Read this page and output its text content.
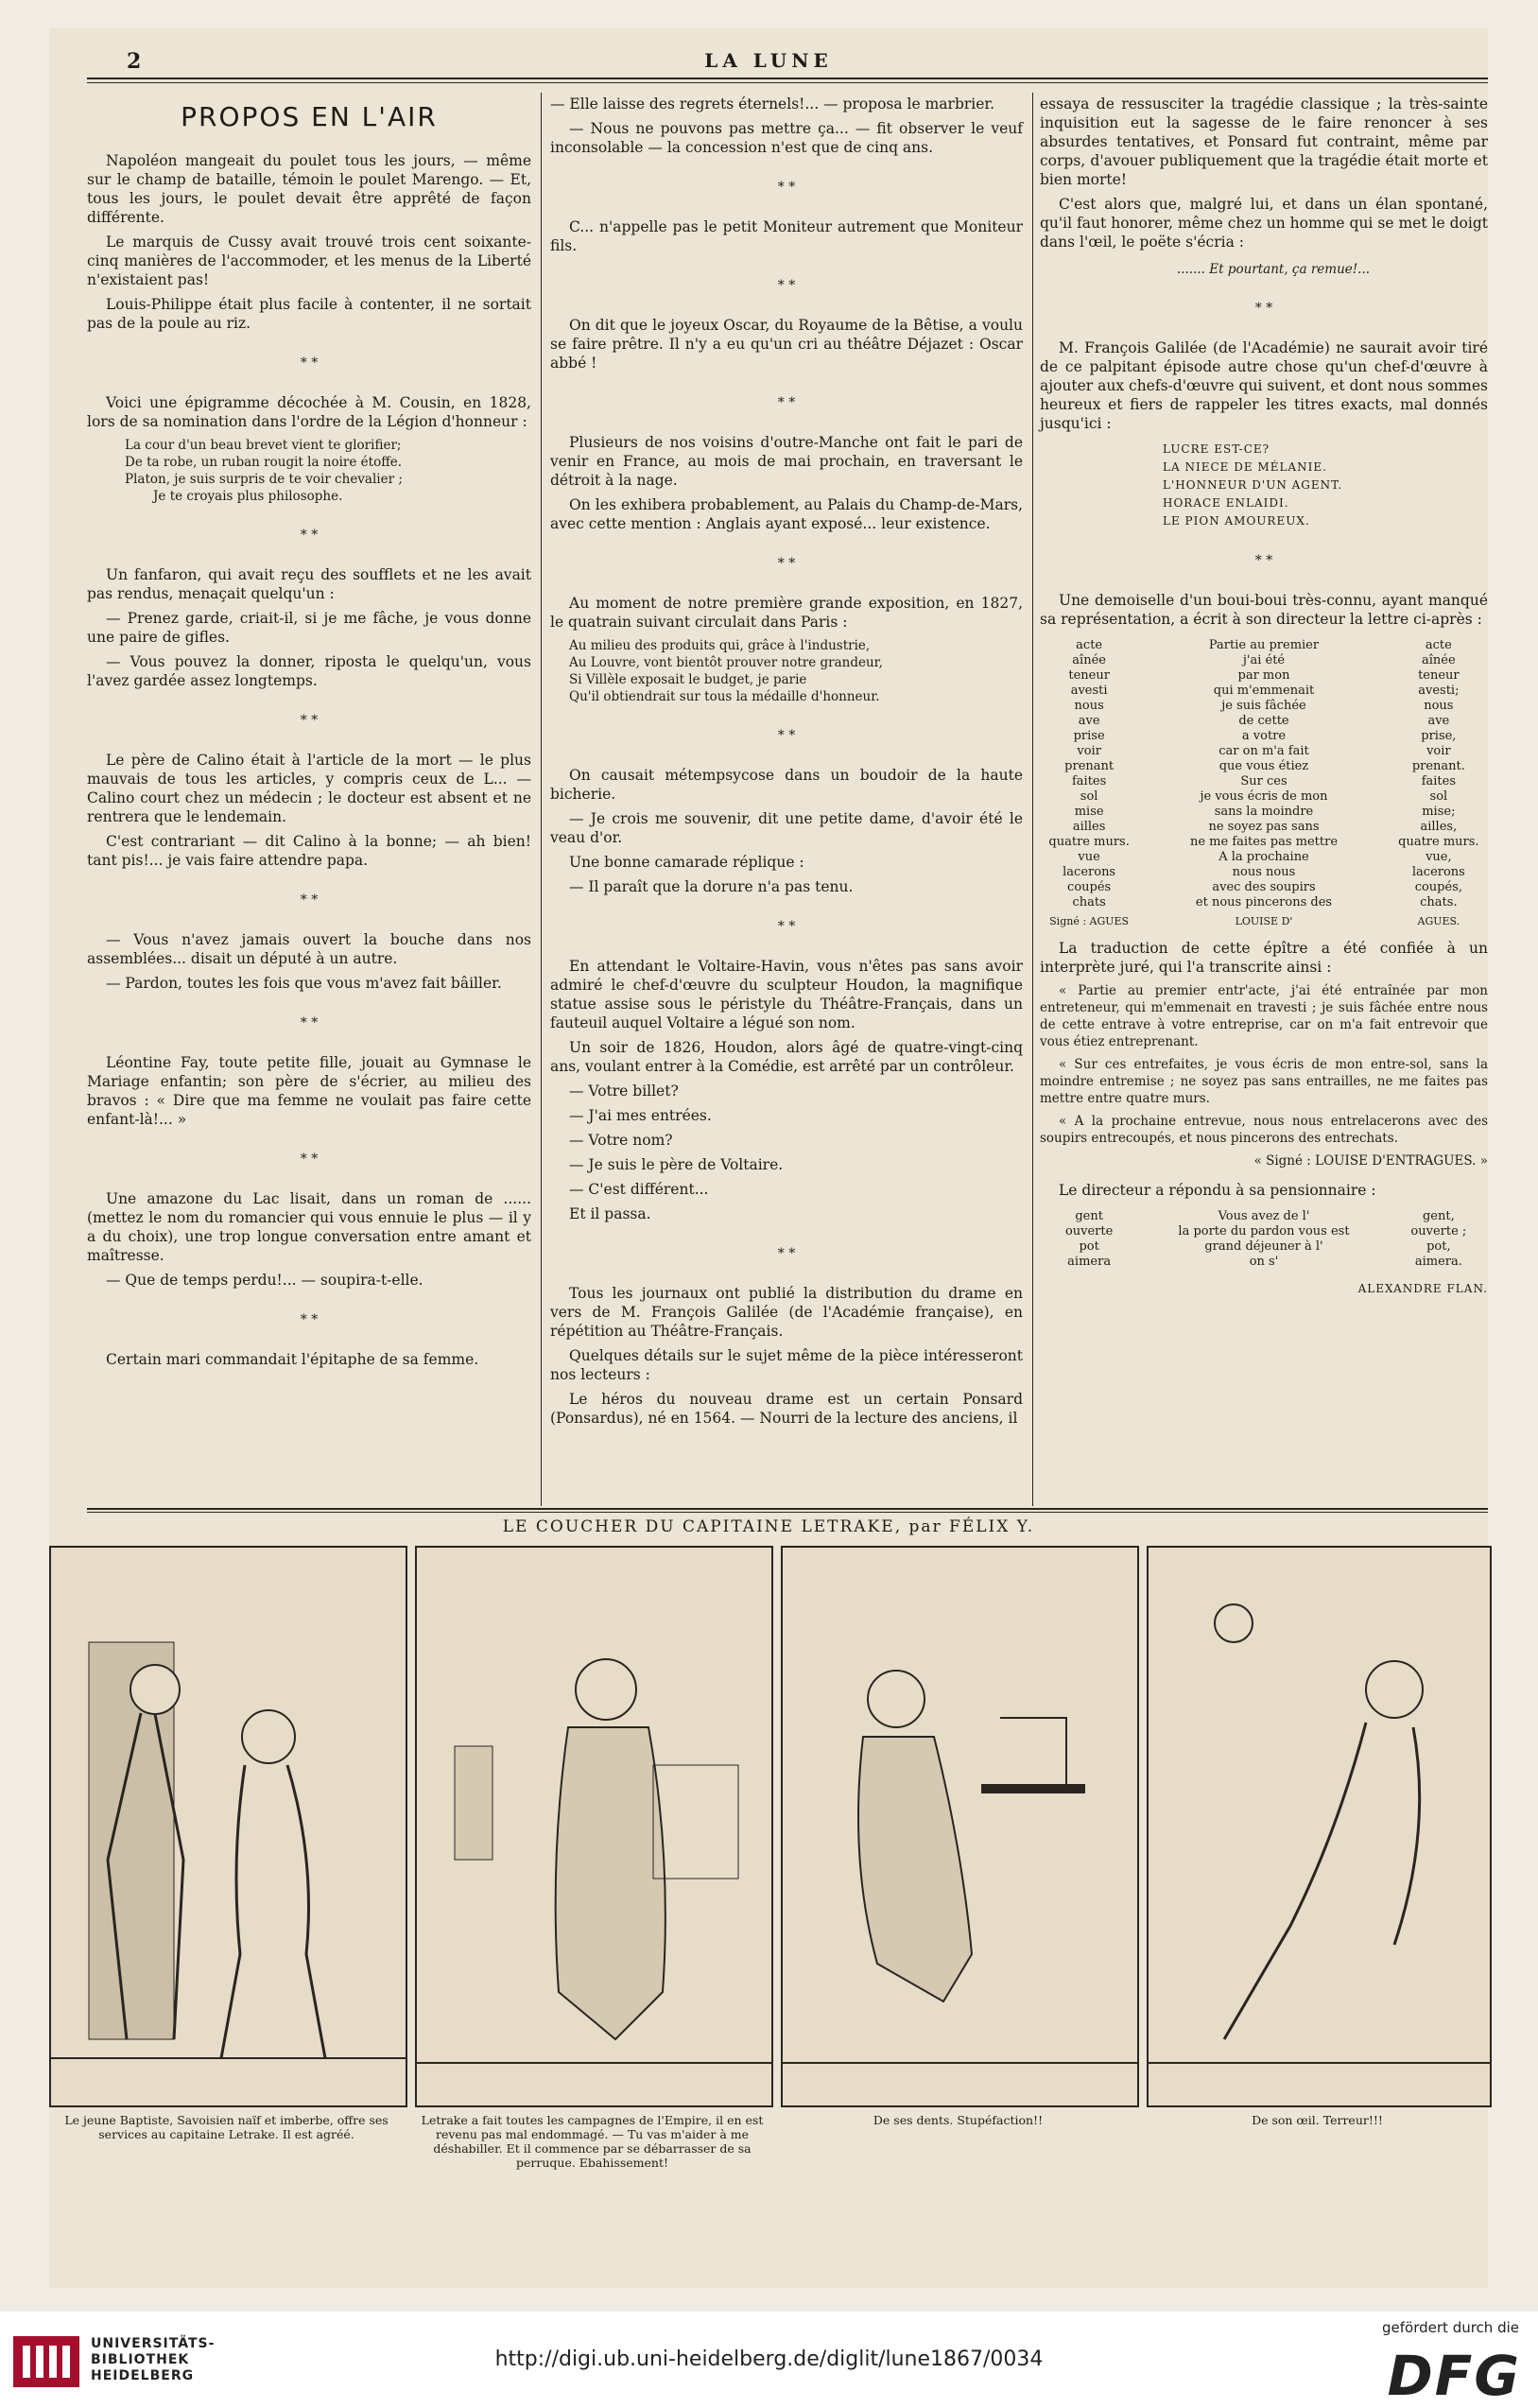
2	LA LUNE
PROPOS EN L'AIR

Napoléon mangeait du poulet tous les jours, — même sur le champ de bataille, témoin le poulet Marengo. — Et, tous les jours, le poulet devait être apprêté de façon différente.

Le marquis de Cussy avait trouvé trois cent soixante-cinq manières de l'accommoder, et les menus de la Liberté n'existaient pas!

Louis-Philippe était plus facile à contenter, il ne sortait pas de la poule au riz.

* *

Voici une épigramme décochée à M. Cousin, en 1828, lors de sa nomination dans l'ordre de la Légion d'honneur :

La cour d'un beau brevet vient te glorifier;
De ta robe, un ruban rougit la noire étoffe.
Platon, je suis surpris de te voir chevalier ;
Je te croyais plus philosophe.
* *

Un fanfaron, qui avait reçu des soufflets et ne les avait pas rendus, menaçait quelqu'un :

— Prenez garde, criait-il, si je me fâche, je vous donne une paire de gifles.

— Vous pouvez la donner, riposta le quelqu'un, vous l'avez gardée assez longtemps.

* *

Le père de Calino était à l'article de la mort — le plus mauvais de tous les articles, y compris ceux de L... — Calino court chez un médecin ; le docteur est absent et ne rentrera que le lendemain.

C'est contrariant — dit Calino à la bonne; — ah bien! tant pis!... je vais faire attendre papa.

* *

— Vous n'avez jamais ouvert la bouche dans nos assemblées... disait un député à un autre.

— Pardon, toutes les fois que vous m'avez fait bâiller.

* *

Léontine Fay, toute petite fille, jouait au Gymnase le Mariage enfantin; son père de s'écrier, au milieu des bravos : « Dire que ma femme ne voulait pas faire cette enfant-là!... »

* *

Une amazone du Lac lisait, dans un roman de ...... (mettez le nom du romancier qui vous ennuie le plus — il y a du choix), une trop longue conversation entre amant et maîtresse.

— Que de temps perdu!... — soupira-t-elle.

* *

Certain mari commandait l'épitaphe de sa femme.

— Elle laisse des regrets éternels!... — proposa le marbrier.

— Nous ne pouvons pas mettre ça... — fit observer le veuf inconsolable — la concession n'est que de cinq ans.

* *

C... n'appelle pas le petit Moniteur autrement que Moniteur fils.

* *

On dit que le joyeux Oscar, du Royaume de la Bêtise, a voulu se faire prêtre. Il n'y a eu qu'un cri au théâtre Déjazet : Oscar abbé !

* *

Plusieurs de nos voisins d'outre-Manche ont fait le pari de venir en France, au mois de mai prochain, en traversant le détroit à la nage.

On les exhibera probablement, au Palais du Champ-de-Mars, avec cette mention : Anglais ayant exposé... leur existence.

* *

Au moment de notre première grande exposition, en 1827, le quatrain suivant circulait dans Paris :

Au milieu des produits qui, grâce à l'industrie,
Au Louvre, vont bientôt prouver notre grandeur,
Si Villèle exposait le budget, je parie
Qu'il obtiendrait sur tous la médaille d'honneur.
* *

On causait métempsycose dans un boudoir de la haute bicherie.

— Je crois me souvenir, dit une petite dame, d'avoir été le veau d'or.

Une bonne camarade réplique :

— Il paraît que la dorure n'a pas tenu.

* *

En attendant le Voltaire-Havin, vous n'êtes pas sans avoir admiré le chef-d'œuvre du sculpteur Houdon, la magnifique statue assise sous le péristyle du Théâtre-Français, dans un fauteuil auquel Voltaire a légué son nom.

Un soir de 1826, Houdon, alors âgé de quatre-vingt-cinq ans, voulant entrer à la Comédie, est arrêté par un contrôleur.

— Votre billet?

— J'ai mes entrées.

— Votre nom?

— Je suis le père de Voltaire.

— C'est différent...

Et il passa.

* *

Tous les journaux ont publié la distribution du drame en vers de M. François Galilée (de l'Académie française), en répétition au Théâtre-Français.

Quelques détails sur le sujet même de la pièce intéresseront nos lecteurs :

Le héros du nouveau drame est un certain Ponsard (Ponsardus), né en 1564. — Nourri de la lecture des anciens, il

essaya de ressusciter la tragédie classique ; la très-sainte inquisition eut la sagesse de le faire renoncer à ses absurdes tentatives, et Ponsard fut contraint, même par corps, d'avouer publiquement que la tragédie était morte et bien morte!

C'est alors que, malgré lui, et dans un élan spontané, qu'il faut honorer, même chez un homme qui se met le doigt dans l'œil, le poëte s'écria :

....... Et pourtant, ça remue!...

* *

M. François Galilée (de l'Académie) ne saurait avoir tiré de ce palpitant épisode autre chose qu'un chef-d'œuvre à ajouter aux chefs-d'œuvre qui suivent, et dont nous sommes heureux et fiers de rappeler les titres exacts, mal donnés jusqu'ici :

LUCRE EST-CE?
LA NIECE DE MÉLANIE.
L'HONNEUR D'UN AGENT.
HORACE ENLAIDI.
LE PION AMOUREUX.
* *

Une demoiselle d'un boui-boui très-connu, ayant manqué sa représentation, a écrit à son directeur la lettre ci-après :

acte	Partie au premier	acte
aînée	j'ai été	aînée
teneur	par mon	teneur
avesti	qui m'emmenait	avesti;
nous	je suis fâchée	nous
ave	de cette	ave
prise	a votre	prise,
voir	car on m'a fait	voir
prenant	que vous étiez	prenant.
faites	Sur ces	faites
sol	je vous écris de mon	sol
mise	sans la moindre	mise;
ailles	ne soyez pas sans	ailles,
quatre murs.	ne me faites pas mettre	quatre murs.
vue	A la prochaine	vue,
lacerons	nous nous	lacerons
coupés	avec des soupirs	coupés,
chats	et nous pincerons des	chats.
Signé : AGUES	LOUISE D'	AGUES.

La traduction de cette épître a été confiée à un interprète juré, qui l'a transcrite ainsi :

« Partie au premier entr'acte, j'ai été entraînée par mon entreteneur, qui m'emmenait en travesti ; je suis fâchée entre nous de cette entrave à votre entreprise, car on m'a fait entrevoir que vous étiez entreprenant.

« Sur ces entrefaites, je vous écris de mon entre-sol, sans la moindre entremise ; ne soyez pas sans entrailles, ne me faites pas mettre entre quatre murs.

« A la prochaine entrevue, nous nous entrelacerons avec des soupirs entrecoupés, et nous pincerons des entrechats.

« Signé : LOUISE D'ENTRAGUES. »

Le directeur a répondu à sa pensionnaire :

gent	Vous avez de l'	gent,
ouverte	la porte du pardon vous est	ouverte ;
pot	grand déjeuner à l'	pot,
aimera	on s'	aimera.

ALEXANDRE FLAN.

LE COUCHER DU CAPITAINE LETRAKE, par FÉLIX Y.
Le jeune Baptiste, Savoisien naïf et imberbe, offre ses services au capitaine Letrake. Il est agréé.
Letrake a fait toutes les campagnes de l'Empire, il en est revenu pas mal endommagé. — Tu vas m'aider à me déshabiller. Et il commence par se débarrasser de sa perruque. Ebahissement!
De ses dents. Stupéfaction!!	De son œil. Terreur!!!
UNIVERSITÄTS-
BIBLIOTHEK
HEIDELBERG
http://digi.ub.uni-heidelberg.de/diglit/lune1867/0034
gefördert durch die
DFG
